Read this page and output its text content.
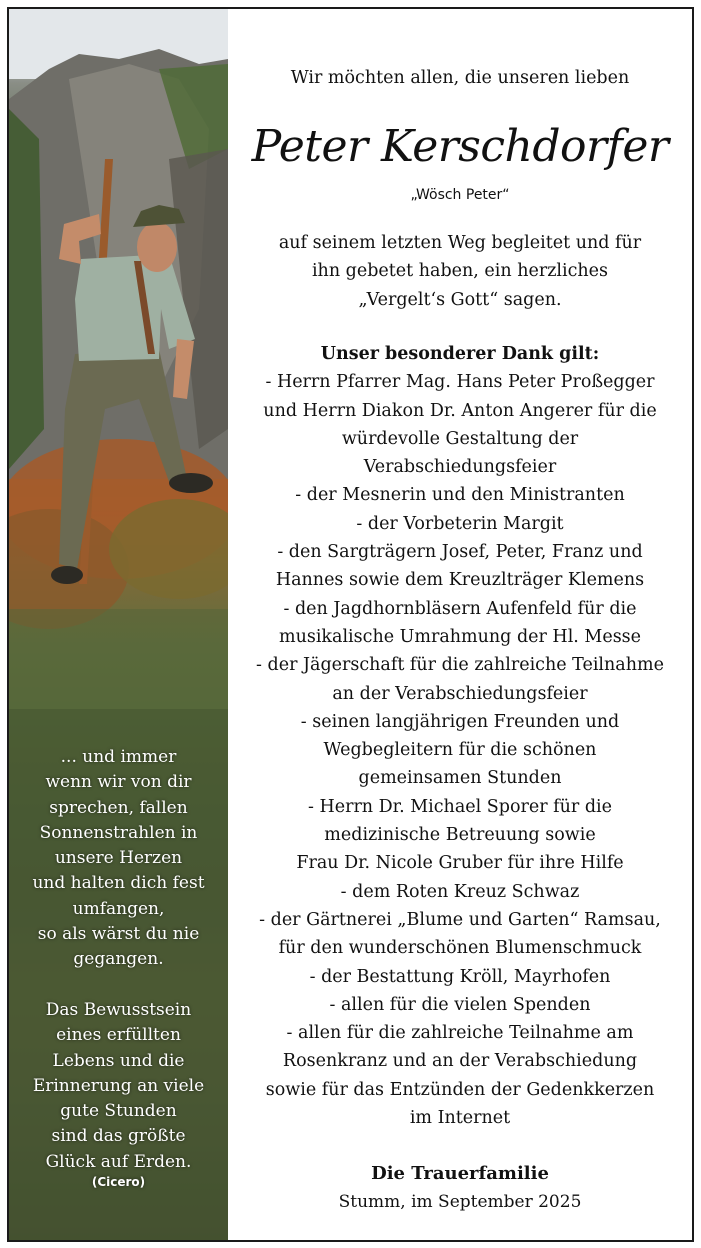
... und immer
wenn wir von dir
sprechen, fallen
Sonnenstrahlen in
unsere Herzen
und halten dich fest
umfangen,
so als wärst du nie
gegangen.

Das Bewusstsein
eines erfüllten
Lebens und die
Erinnerung an viele
gute Stunden
sind das größte
Glück auf Erden.

(Cicero)

Wir möchten allen, die unseren lieben
Peter Kerschdorfer
„Wösch Peter“
auf seinem letzten Weg begleitet und für
ihn gebetet haben, ein herzliches
„Vergelt‘s Gott“ sagen.
Unser besonderer Dank gilt:
- Herrn Pfarrer Mag. Hans Peter Proßegger
und Herrn Diakon Dr. Anton Angerer für die
würdevolle Gestaltung der
Verabschiedungsfeier
- der Mesnerin und den Ministranten
- der Vorbeterin Margit
- den Sargträgern Josef, Peter, Franz und
Hannes sowie dem Kreuzlträger Klemens
- den Jagdhornbläsern Aufenfeld für die
musikalische Umrahmung der Hl. Messe
- der Jägerschaft für die zahlreiche Teilnahme
an der Verabschiedungsfeier
- seinen langjährigen Freunden und
Wegbegleitern für die schönen
gemeinsamen Stunden
- Herrn Dr. Michael Sporer für die
medizinische Betreuung sowie
Frau Dr. Nicole Gruber für ihre Hilfe
- dem Roten Kreuz Schwaz
- der Gärtnerei „Blume und Garten“ Ramsau,
für den wunderschönen Blumenschmuck
- der Bestattung Kröll, Mayrhofen
- allen für die vielen Spenden
- allen für die zahlreiche Teilnahme am
Rosenkranz und an der Verabschiedung
sowie für das Entzünden der Gedenkkerzen
im Internet
Die Trauerfamilie
Stumm, im September 2025
